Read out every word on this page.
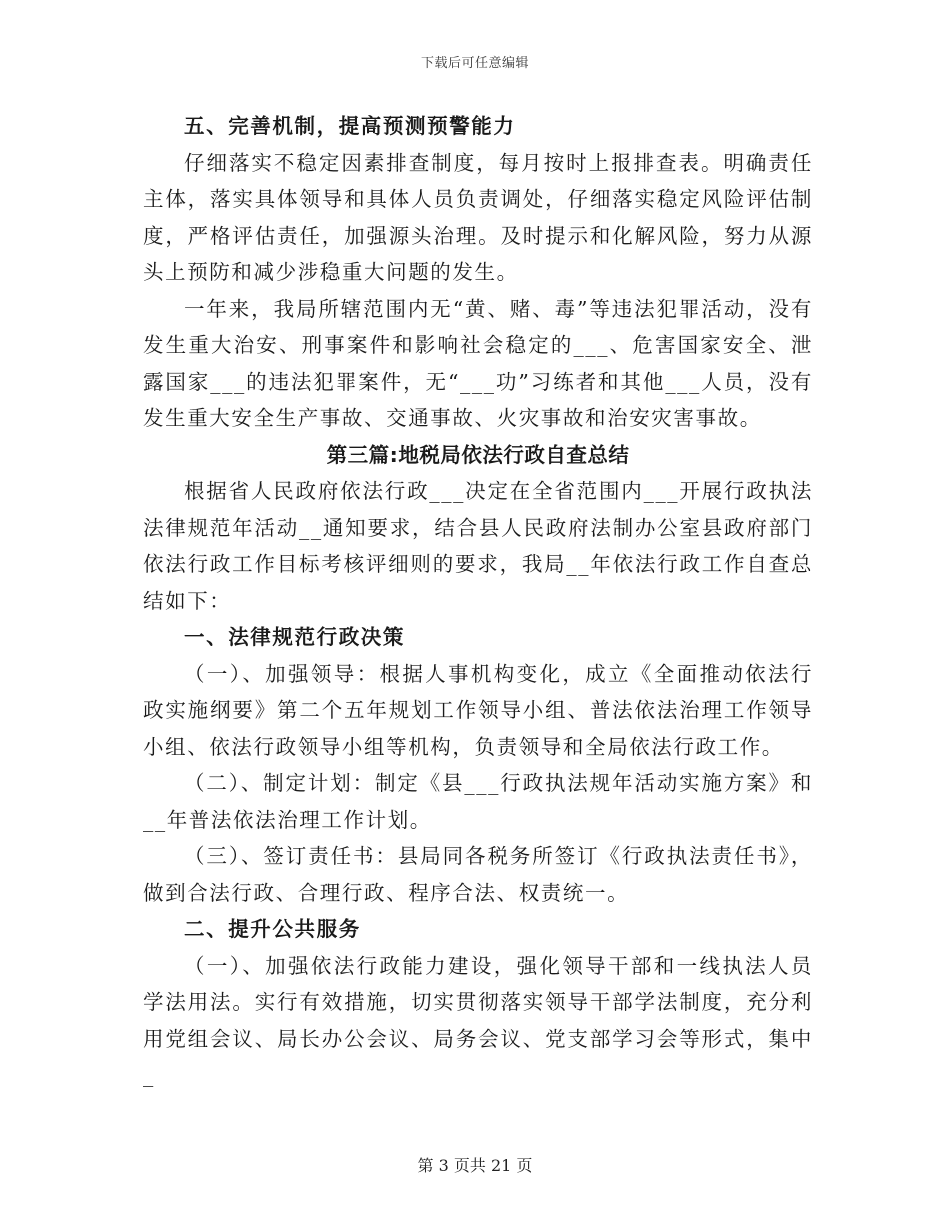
下载后可任意编辑

五、完善机制，提高预测预警能力

仔细落实不稳定因素排查制度，每月按时上报排查表。明确责任主体，落实具体领导和具体人员负责调处，仔细落实稳定风险评估制度，严格评估责任，加强源头治理。及时提示和化解风险，努力从源头上预防和减少涉稳重大问题的发生。

一年来，我局所辖范围内无“黄、赌、毒”等违法犯罪活动，没有发生重大治安、刑事案件和影响社会稳定的___、危害国家安全、泄露国家___的违法犯罪案件，无“___功”习练者和其他___人员，没有发生重大安全生产事故、交通事故、火灾事故和治安灾害事故。

第三篇:地税局依法行政自查总结

根据省人民政府依法行政___决定在全省范围内___开展行政执法法律规范年活动__通知要求，结合县人民政府法制办公室县政府部门依法行政工作目标考核评细则的要求，我局__年依法行政工作自查总结如下：

一、法律规范行政决策

（一）、加强领导：根据人事机构变化，成立《全面推动依法行政实施纲要》第二个五年规划工作领导小组、普法依法治理工作领导小组、依法行政领导小组等机构，负责领导和全局依法行政工作。

（二）、制定计划：制定《县___行政执法规年活动实施方案》和__年普法依法治理工作计划。

（三）、签订责任书：县局同各税务所签订《行政执法责任书》，做到合法行政、合理行政、程序合法、权责统一。

二、提升公共服务

（一）、加强依法行政能力建设，强化领导干部和一线执法人员学法用法。实行有效措施，切实贯彻落实领导干部学法制度，充分利用党组会议、局长办公会议、局务会议、党支部学习会等形式，集中_

第 3 页共 21 页
